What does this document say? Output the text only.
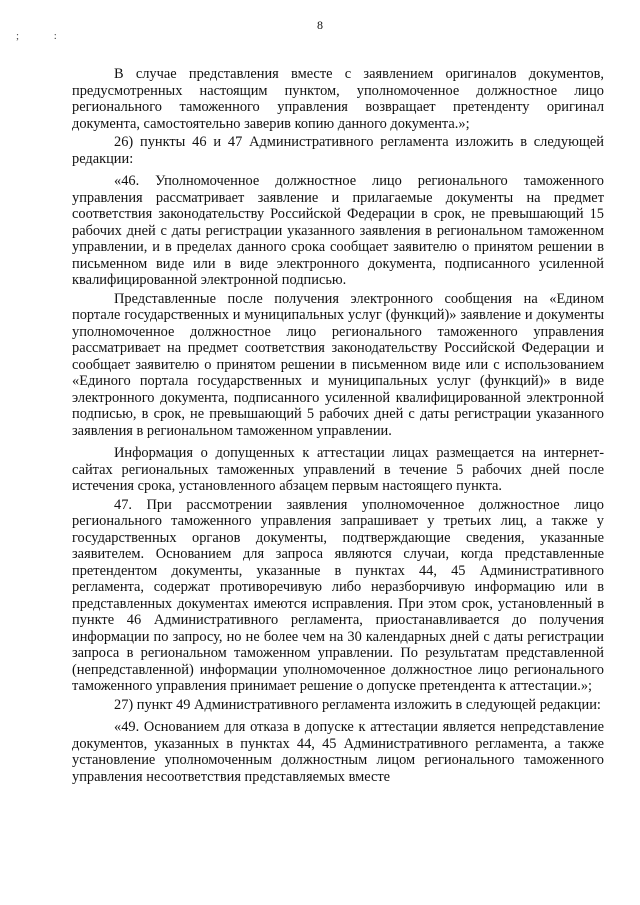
8
; :

В случае представления вместе с заявлением оригиналов документов, предусмотренных настоящим пунктом, уполномоченное должностное лицо регионального таможенного управления возвращает претенденту оригинал документа, самостоятельно заверив копию данного документа.»;

26) пункты 46 и 47 Административного регламента изложить в следующей редакции:

«46. Уполномоченное должностное лицо регионального таможенного управления рассматривает заявление и прилагаемые документы на предмет соответствия законодательству Российской Федерации в срок, не превышающий 15 рабочих дней с даты регистрации указанного заявления в региональном таможенном управлении, и в пределах данного срока сообщает заявителю о принятом решении в письменном виде или в виде электронного документа, подписанного усиленной квалифицированной электронной подписью.

Представленные после получения электронного сообщения на «Едином портале государственных и муниципальных услуг (функций)» заявление и документы уполномоченное должностное лицо регионального таможенного управления рассматривает на предмет соответствия законодательству Российской Федерации и сообщает заявителю о принятом решении в письменном виде или с использованием «Единого портала государственных и муниципальных услуг (функций)» в виде электронного документа, подписанного усиленной квалифицированной электронной подписью, в срок, не превышающий 5 рабочих дней с даты регистрации указанного заявления в региональном таможенном управлении.

Информация о допущенных к аттестации лицах размещается на интернет-сайтах региональных таможенных управлений в течение 5 рабочих дней после истечения срока, установленного абзацем первым настоящего пункта.

47. При рассмотрении заявления уполномоченное должностное лицо регионального таможенного управления запрашивает у третьих лиц, а также у государственных органов документы, подтверждающие сведения, указанные заявителем. Основанием для запроса являются случаи, когда представленные претендентом документы, указанные в пунктах 44, 45 Административного регламента, содержат противоречивую либо неразборчивую информацию или в представленных документах имеются исправления. При этом срок, установленный в пункте 46 Административного регламента, приостанавливается до получения информации по запросу, но не более чем на 30 календарных дней с даты регистрации запроса в региональном таможенном управлении. По результатам представленной (непредставленной) информации уполномоченное должностное лицо регионального таможенного управления принимает решение о допуске претендента к аттестации.»;

27) пункт 49 Административного регламента изложить в следующей редакции:

«49. Основанием для отказа в допуске к аттестации является непредставление документов, указанных в пунктах 44, 45 Административного регламента, а также установление уполномоченным должностным лицом регионального таможенного управления несоответствия представляемых вместе
